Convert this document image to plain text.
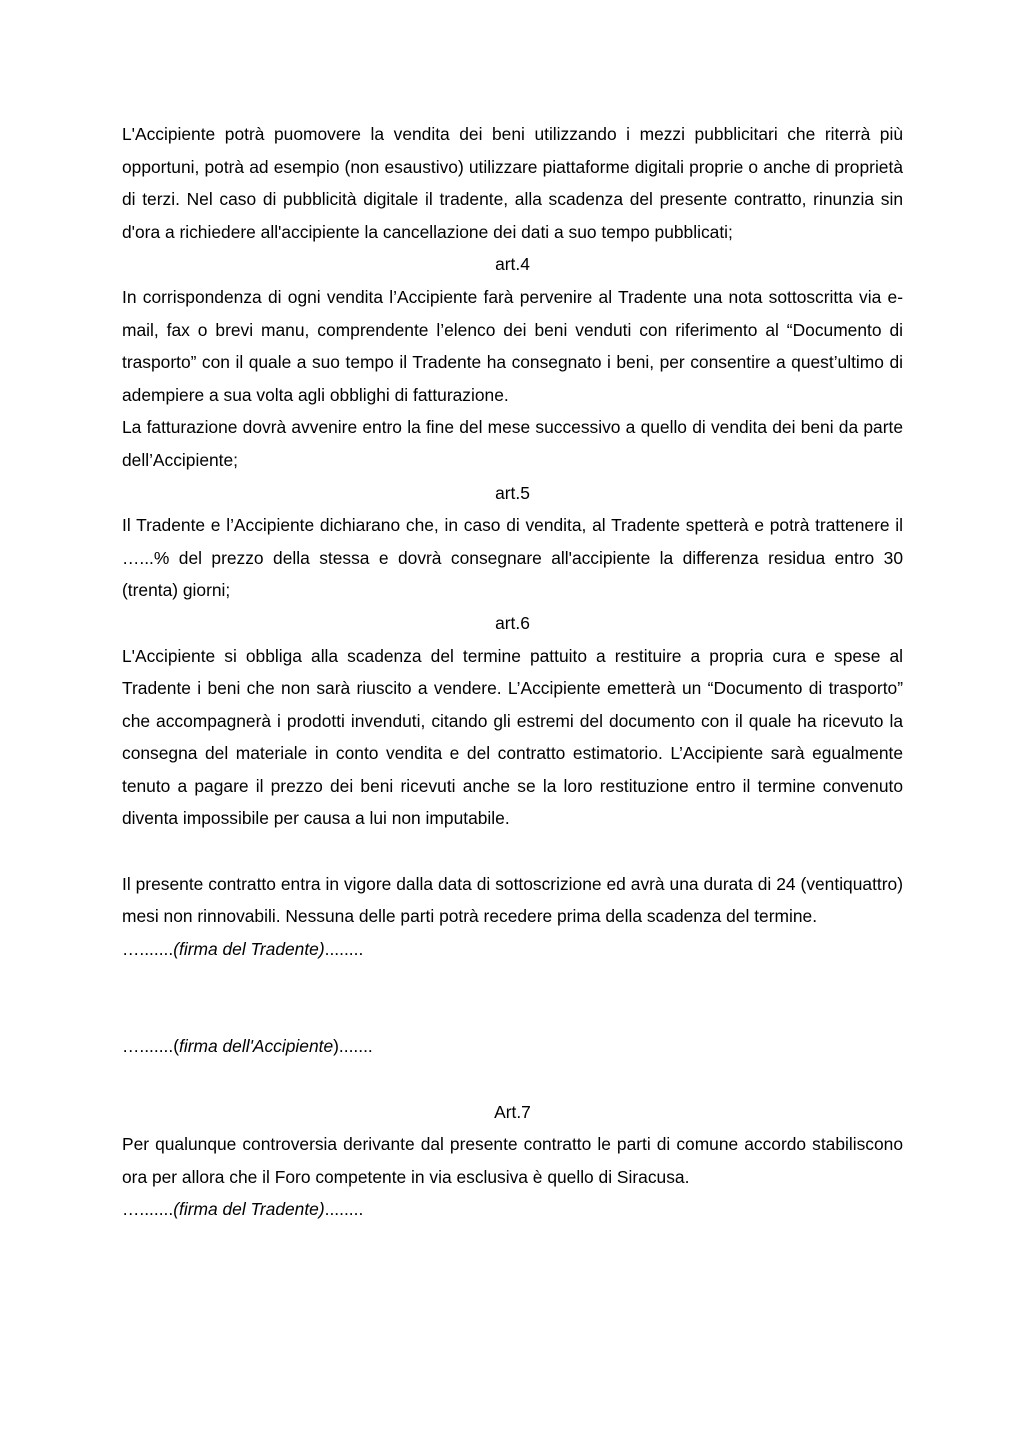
L'Accipiente potrà puomovere la vendita dei beni utilizzando i mezzi pubblicitari che riterrà più opportuni, potrà ad esempio (non esaustivo) utilizzare piattaforme digitali proprie o anche di proprietà di terzi. Nel caso di pubblicità digitale il tradente, alla scadenza del presente contratto, rinunzia sin d'ora a richiedere all'accipiente la cancellazione dei dati a suo tempo pubblicati;

art.4

In corrispondenza di ogni vendita l’Accipiente farà pervenire al Tradente una nota sottoscritta via e-mail, fax o brevi manu, comprendente l’elenco dei beni venduti con riferimento al “Documento di trasporto” con il quale a suo tempo il Tradente ha consegnato i beni, per consentire a quest’ultimo di adempiere a sua volta agli obblighi di fatturazione.

La fatturazione dovrà avvenire entro la fine del mese successivo a quello di vendita dei beni da parte dell’Accipiente;

art.5

Il Tradente e l’Accipiente dichiarano che, in caso di vendita, al Tradente spetterà e potrà trattenere il …...% del prezzo della stessa e dovrà consegnare all'accipiente la differenza residua entro 30 (trenta) giorni;

art.6

L'Accipiente si obbliga alla scadenza del termine pattuito a restituire a propria cura e spese al Tradente i beni che non sarà riuscito a vendere. L’Accipiente emetterà un “Documento di trasporto” che accompagnerà i prodotti invenduti, citando gli estremi del documento con il quale ha ricevuto la consegna del materiale in conto vendita e del contratto estimatorio. L’Accipiente sarà egualmente tenuto a pagare il prezzo dei beni ricevuti anche se la loro restituzione entro il termine convenuto diventa impossibile per causa a lui non imputabile.

Il presente contratto entra in vigore dalla data di sottoscrizione ed avrà una durata di 24 (ventiquattro) mesi non rinnovabili. Nessuna delle parti potrà recedere prima della scadenza del termine.

….......(firma del Tradente)........

….......(firma dell'Accipiente).......

Art.7

Per qualunque controversia derivante dal presente contratto le parti di comune accordo stabiliscono ora per allora che il Foro competente in via esclusiva è quello di Siracusa.

….......(firma del Tradente)........
